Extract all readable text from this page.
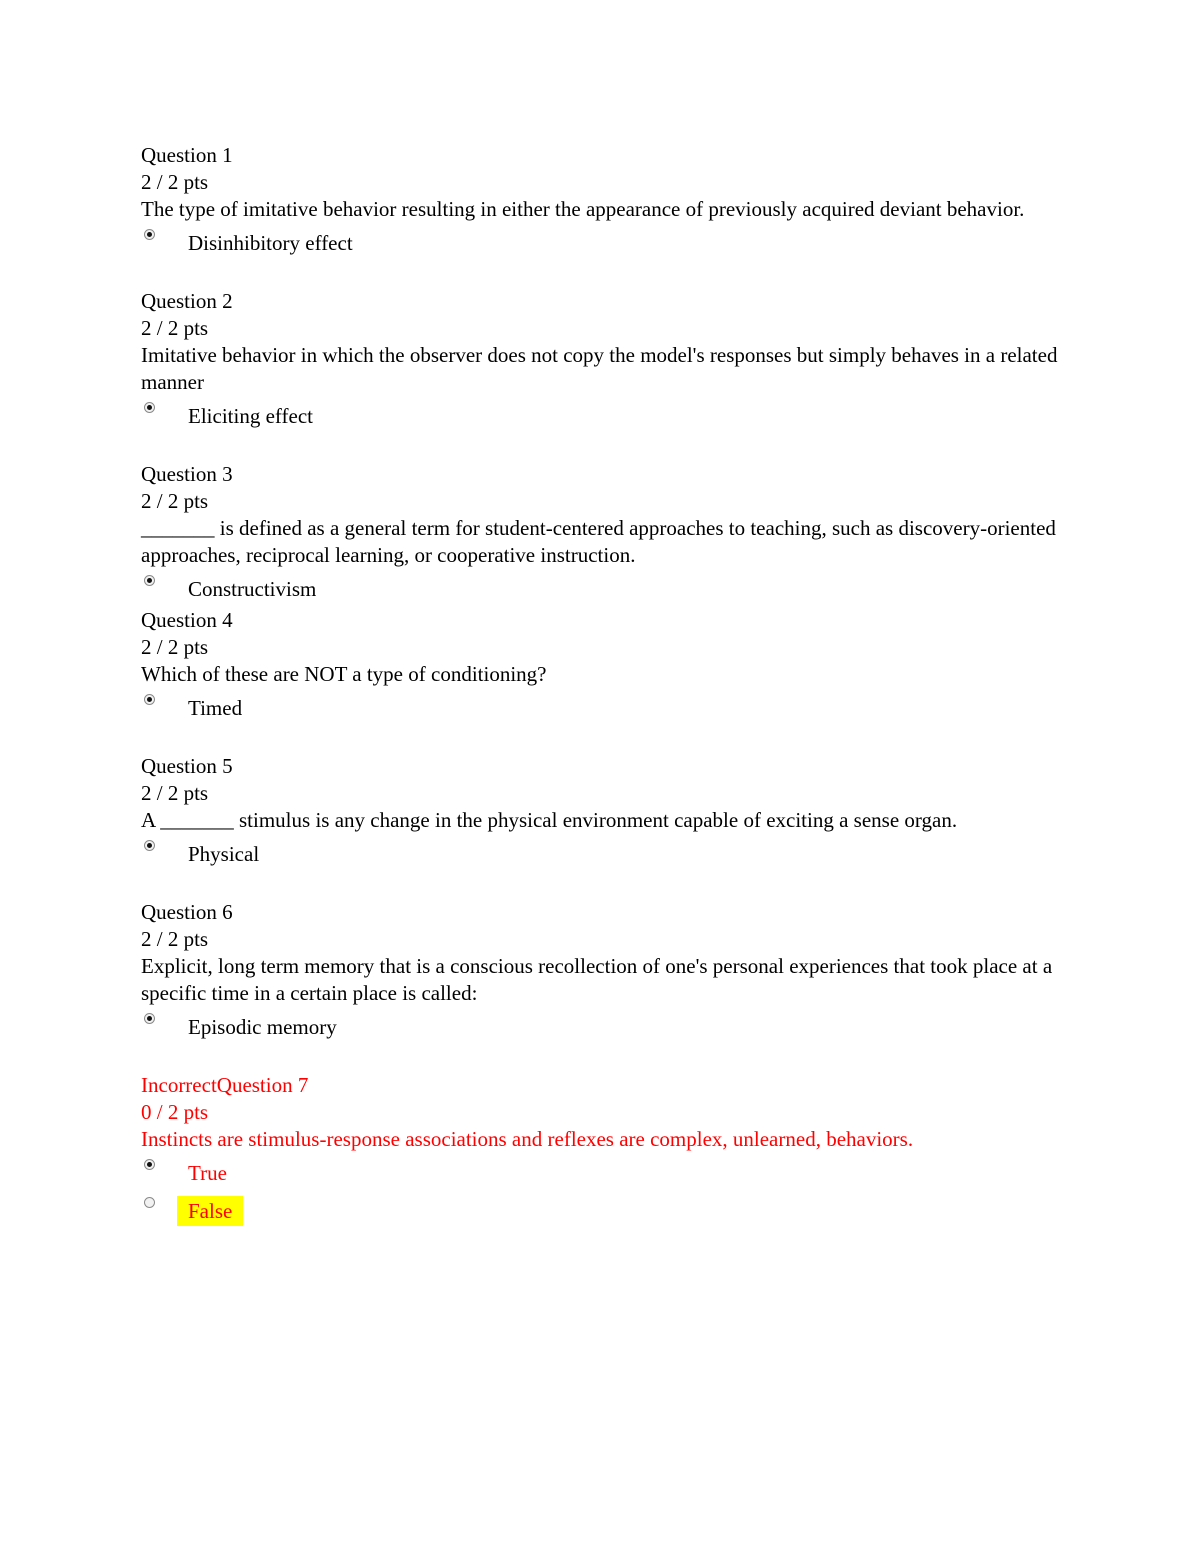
Question 1
2 / 2 pts
The type of imitative behavior resulting in either the appearance of previously acquired deviant behavior.
Disinhibitory effect
Question 2
2 / 2 pts
Imitative behavior in which the observer does not copy the model's responses but simply behaves in a related manner
Eliciting effect
Question 3
2 / 2 pts
_______ is defined as a general term for student-centered approaches to teaching, such as discovery-oriented approaches, reciprocal learning, or cooperative instruction.
Constructivism
Question 4
2 / 2 pts
Which of these are NOT a type of conditioning?
Timed
Question 5
2 / 2 pts
A _______ stimulus is any change in the physical environment capable of exciting a sense organ.
Physical
Question 6
2 / 2 pts
Explicit, long term memory that is a conscious recollection of one's personal experiences that took place at a specific time in a certain place is called:
Episodic memory
IncorrectQuestion 7
0 / 2 pts
Instincts are stimulus-response associations and reflexes are complex, unlearned, behaviors.
True
False
